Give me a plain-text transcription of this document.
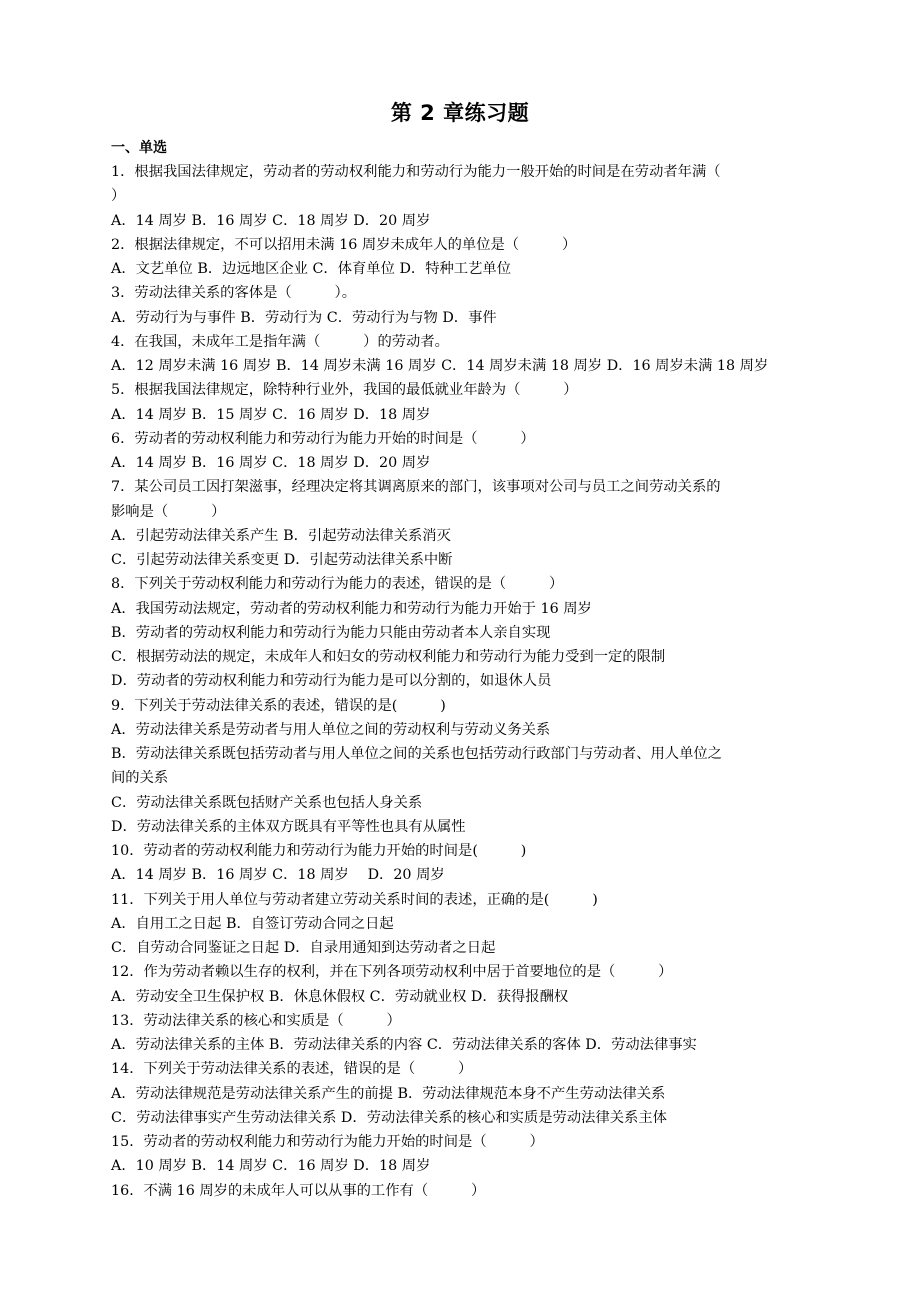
第 2 章练习题
一、单选
1．根据我国法律规定，劳动者的劳动权利能力和劳动行为能力一般开始的时间是在劳动者年满（
）
A．14 周岁 B．16 周岁 C．18 周岁 D．20 周岁
2．根据法律规定，不可以招用未满 16 周岁未成年人的单位是（　　　）
A．文艺单位 B．边远地区企业 C．体育单位 D．特种工艺单位
3．劳动法律关系的客体是（　　　）。
A．劳动行为与事件 B．劳动行为 C．劳动行为与物 D．事件
4．在我国，未成年工是指年满（　　　）的劳动者。
A．12 周岁未满 16 周岁 B．14 周岁未满 16 周岁 C．14 周岁未满 18 周岁 D．16 周岁未满 18 周岁
5．根据我国法律规定，除特种行业外，我国的最低就业年龄为（　　　）
A．14 周岁 B．15 周岁 C．16 周岁 D．18 周岁
6．劳动者的劳动权利能力和劳动行为能力开始的时间是（　　　）
A．14 周岁 B．16 周岁 C．18 周岁 D．20 周岁
7．某公司员工因打架滋事，经理决定将其调离原来的部门，该事项对公司与员工之间劳动关系的
影响是（　　　）
A．引起劳动法律关系产生 B．引起劳动法律关系消灭
C．引起劳动法律关系变更 D．引起劳动法律关系中断
8．下列关于劳动权利能力和劳动行为能力的表述，错误的是（　　　）
A．我国劳动法规定，劳动者的劳动权利能力和劳动行为能力开始于 16 周岁
B．劳动者的劳动权利能力和劳动行为能力只能由劳动者本人亲自实现
C．根据劳动法的规定，未成年人和妇女的劳动权利能力和劳动行为能力受到一定的限制
D．劳动者的劳动权利能力和劳动行为能力是可以分割的，如退休人员
9．下列关于劳动法律关系的表述，错误的是(　　　)
A．劳动法律关系是劳动者与用人单位之间的劳动权利与劳动义务关系
B．劳动法律关系既包括劳动者与用人单位之间的关系也包括劳动行政部门与劳动者、用人单位之
间的关系
C．劳动法律关系既包括财产关系也包括人身关系
D．劳动法律关系的主体双方既具有平等性也具有从属性
10．劳动者的劳动权利能力和劳动行为能力开始的时间是(　　　)
A．14 周岁 B．16 周岁 C．18 周岁　 D．20 周岁
11．下列关于用人单位与劳动者建立劳动关系时间的表述，正确的是(　　　)
A．自用工之日起 B．自签订劳动合同之日起
C．自劳动合同鉴证之日起 D．自录用通知到达劳动者之日起
12．作为劳动者赖以生存的权利，并在下列各项劳动权利中居于首要地位的是（　　　）
A．劳动安全卫生保护权 B．休息休假权 C．劳动就业权 D．获得报酬权
13．劳动法律关系的核心和实质是（　　　）
A．劳动法律关系的主体 B．劳动法律关系的内容 C．劳动法律关系的客体 D．劳动法律事实
14．下列关于劳动法律关系的表述，错误的是（　　　）
A．劳动法律规范是劳动法律关系产生的前提 B．劳动法律规范本身不产生劳动法律关系
C．劳动法律事实产生劳动法律关系 D．劳动法律关系的核心和实质是劳动法律关系主体
15．劳动者的劳动权利能力和劳动行为能力开始的时间是（　　　）
A．10 周岁 B．14 周岁 C．16 周岁 D．18 周岁
16．不满 16 周岁的未成年人可以从事的工作有（　　　）
